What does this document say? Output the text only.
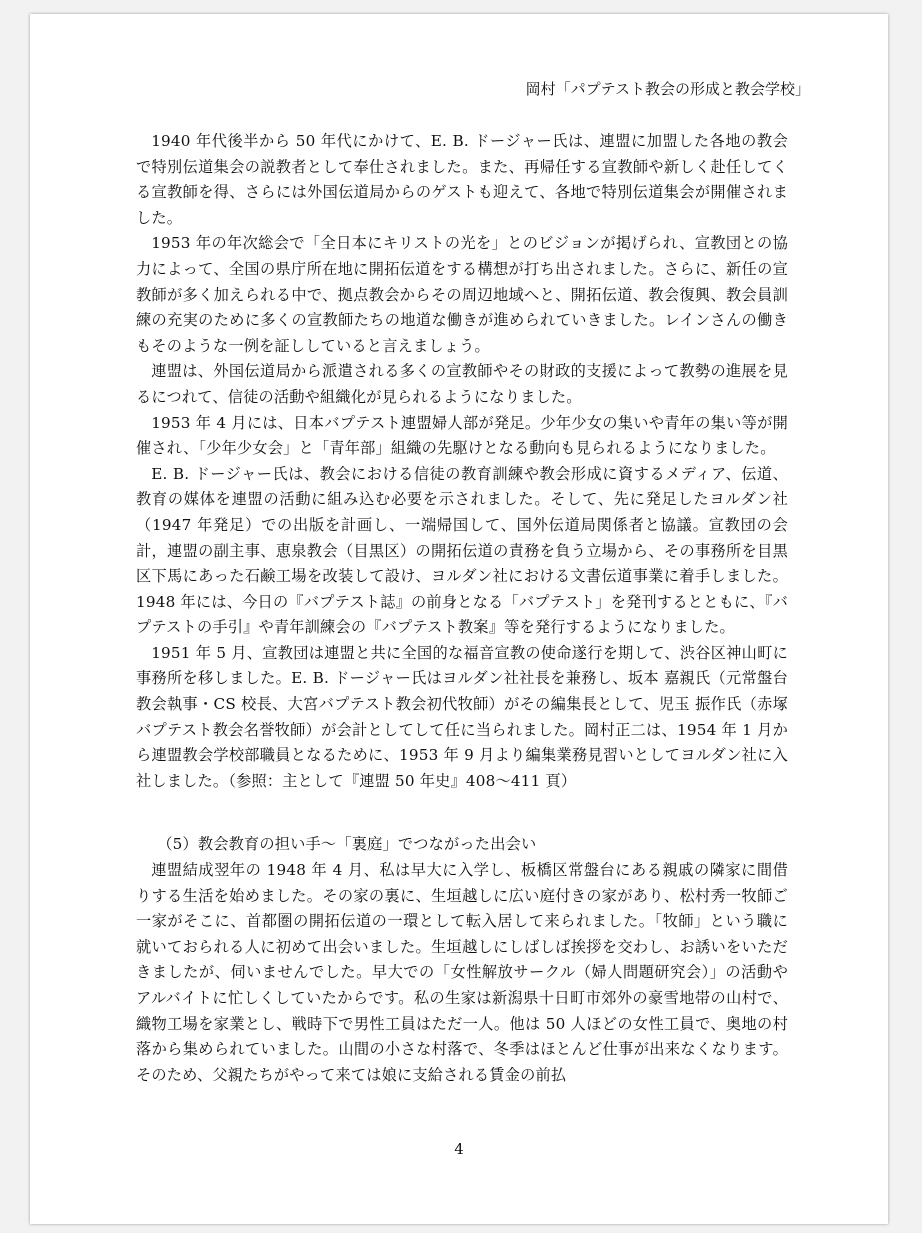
岡村「パプテスト教会の形成と教会学校」

1940 年代後半から 50 年代にかけて、E. B. ドージャー氏は、連盟に加盟した各地の教会で特別伝道集会の説教者として奉仕されました。また、再帰任する宣教師や新しく赴任してくる宣教師を得、さらには外国伝道局からのゲストも迎えて、各地で特別伝道集会が開催されました。

1953 年の年次総会で「全日本にキリストの光を」とのビジョンが掲げられ、宣教団との協力によって、全国の県庁所在地に開拓伝道をする構想が打ち出されました。さらに、新任の宣教師が多く加えられる中で、拠点教会からその周辺地域へと、開拓伝道、教会復興、教会員訓練の充実のために多くの宣教師たちの地道な働きが進められていきました。レインさんの働きもそのような一例を証ししていると言えましょう。

連盟は、外国伝道局から派遣される多くの宣教師やその財政的支援によって教勢の進展を見るにつれて、信徒の活動や組織化が見られるようになりました。

1953 年 4 月には、日本バプテスト連盟婦人部が発足。少年少女の集いや青年の集い等が開催され、「少年少女会」と「青年部」組織の先駆けとなる動向も見られるようになりました。

E. B. ドージャー氏は、教会における信徒の教育訓練や教会形成に資するメディア、伝道、教育の媒体を連盟の活動に組み込む必要を示されました。そして、先に発足したヨルダン社（1947 年発足）での出版を計画し、一端帰国して、国外伝道局関係者と協議。宣教団の会計，連盟の副主事、恵泉教会（目黒区）の開拓伝道の責務を負う立場から、その事務所を目黒区下馬にあった石鹸工場を改装して設け、ヨルダン社における文書伝道事業に着手しました。1948 年には、今日の『バプテスト誌』の前身となる「バプテスト」を発刊するとともに、『バプテストの手引』や青年訓練会の『バプテスト教案』等を発行するようになりました。

1951 年 5 月、宣教団は連盟と共に全国的な福音宣教の使命遂行を期して、渋谷区神山町に事務所を移しました。E. B. ドージャー氏はヨルダン社社長を兼務し、坂本 嘉親氏（元常盤台教会執事・CS 校長、大宮バプテスト教会初代牧師）がその編集長として、児玉 振作氏（赤塚バプテスト教会名誉牧師）が会計としてして任に当られました。岡村正二は、1954 年 1 月から連盟教会学校部職員となるために、1953 年 9 月より編集業務見習いとしてヨルダン社に入社しました。（参照：主として『連盟 50 年史』408〜411 頁）

（5）教会教育の担い手〜「裏庭」でつながった出会い

連盟結成翌年の 1948 年 4 月、私は早大に入学し、板橋区常盤台にある親戚の隣家に間借りする生活を始めました。その家の裏に、生垣越しに広い庭付きの家があり、松村秀一牧師ご一家がそこに、首都圏の開拓伝道の一環として転入居して来られました。「牧師」という職に就いておられる人に初めて出会いました。生垣越しにしばしば挨拶を交わし、お誘いをいただきましたが、伺いませんでした。早大での「女性解放サークル（婦人問題研究会）」の活動やアルバイトに忙しくしていたからです。私の生家は新潟県十日町市郊外の豪雪地帯の山村で、織物工場を家業とし、戦時下で男性工員はただ一人。他は 50 人ほどの女性工員で、奥地の村落から集められていました。山間の小さな村落で、冬季はほとんど仕事が出来なくなります。そのため、父親たちがやって来ては娘に支給される賃金の前払

4
